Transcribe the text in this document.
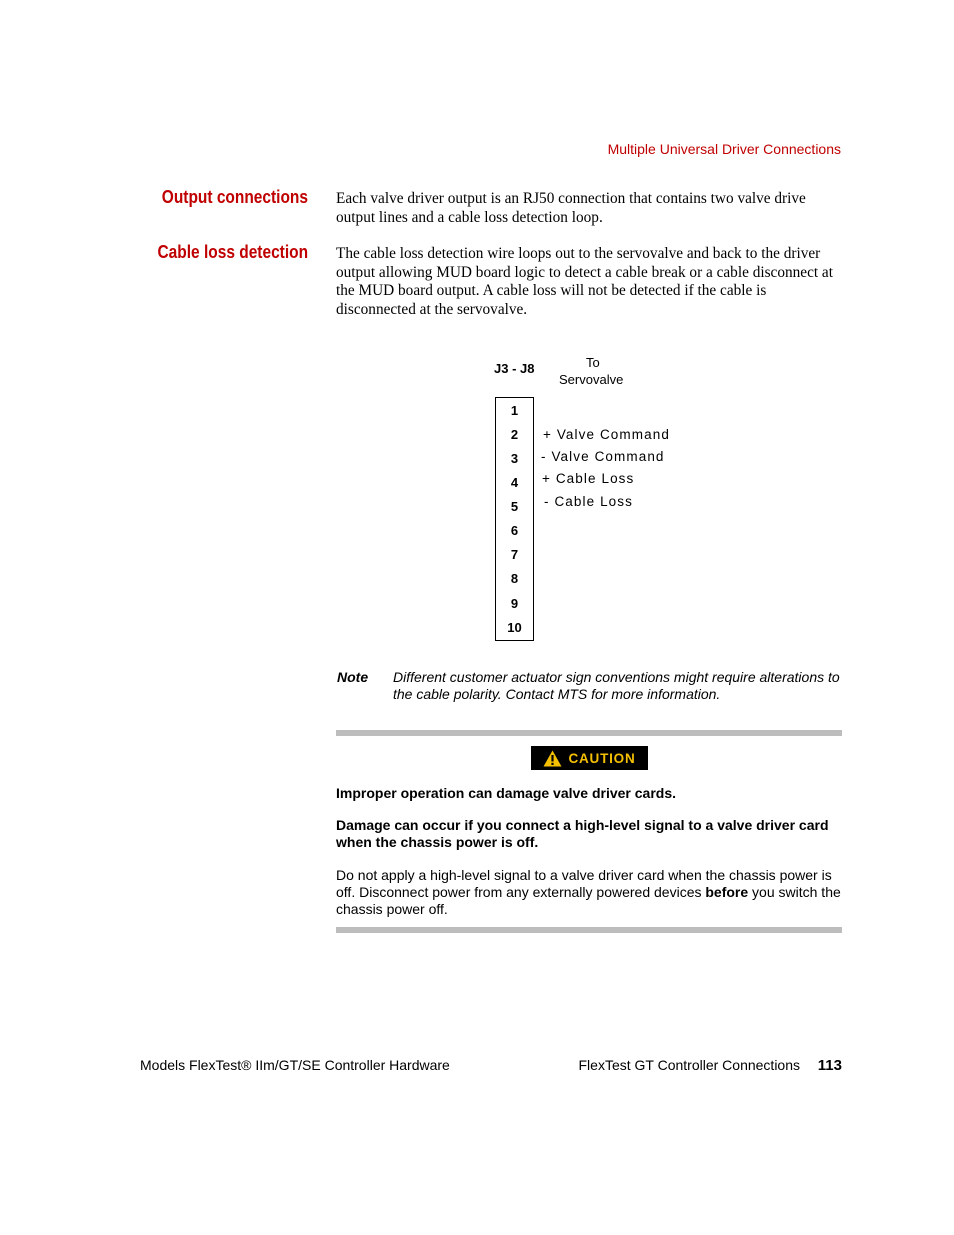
Multiple Universal Driver Connections
Output connections Each valve driver output is an RJ50 connection that contains two valve drive output lines and a cable loss detection loop.
Cable loss detection The cable loss detection wire loops out to the servovalve and back to the driver output allowing MUD board logic to detect a cable break or a cable disconnect at the MUD board output. A cable loss will not be detected if the cable is disconnected at the servovalve.
J3 - J8	To
Servovalve
1
2
3
4
5
6
7
8
9
10
+ Valve Command
- Valve Command
+ Cable Loss
- Cable Loss
Note Different customer actuator sign conventions might require alterations to the cable polarity. Contact MTS for more information.
CAUTION
Improper operation can damage valve driver cards.
Damage can occur if you connect a high-level signal to a valve driver card when the chassis power is off.
Do not apply a high-level signal to a valve driver card when the chassis power is off. Disconnect power from any externally powered devices before you switch the chassis power off.
Models FlexTest® IIm/GT/SE Controller Hardware	FlexTest GT Controller Connections 113
